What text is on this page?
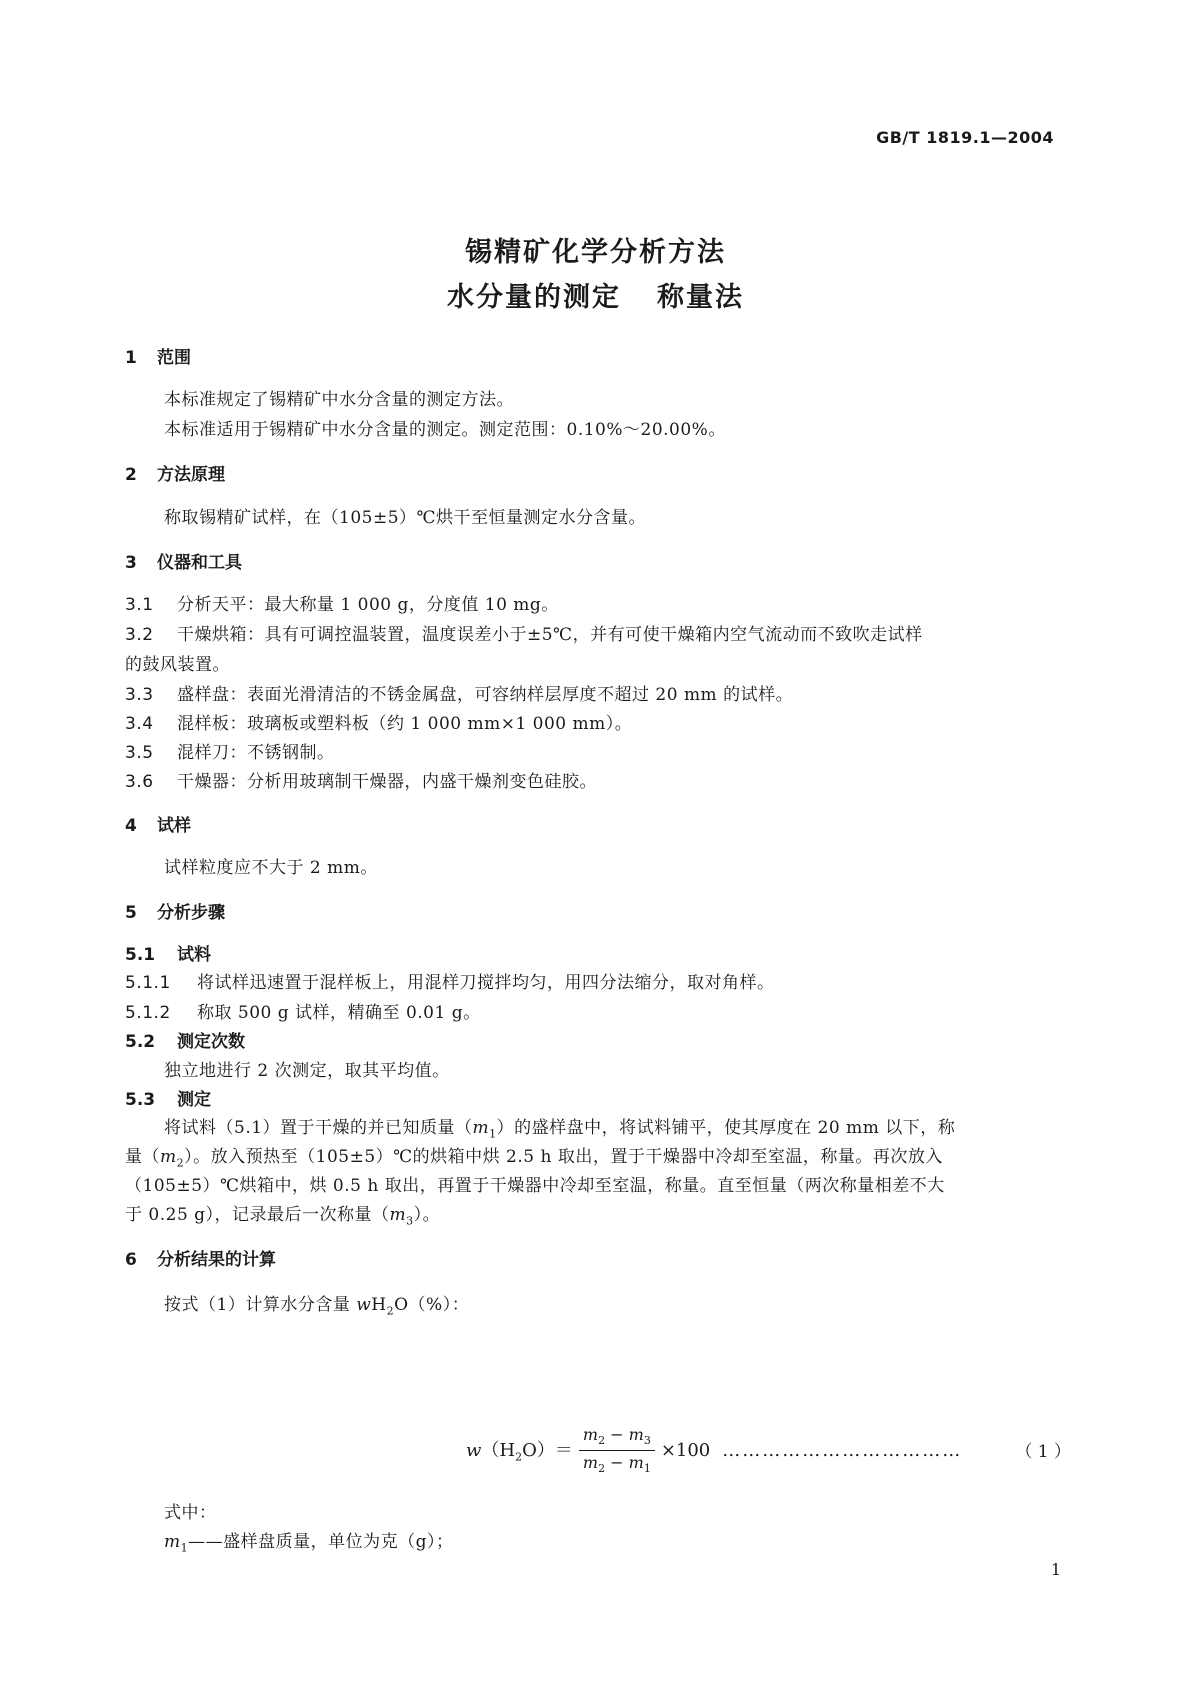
GB/T 1819.1—2004
锡精矿化学分析方法
水分量的测定 称量法
1 范围
本标准规定了锡精矿中水分含量的测定方法。
本标准适用于锡精矿中水分含量的测定。测定范围：0.10%～20.00%。
2 方法原理
称取锡精矿试样，在（105±5）℃烘干至恒量测定水分含量。
3 仪器和工具
3.1 分析天平：最大称量 1 000 g，分度值 10 mg。
3.2 干燥烘箱：具有可调控温装置，温度误差小于±5℃，并有可使干燥箱内空气流动而不致吹走试样
的鼓风装置。
3.3 盛样盘：表面光滑清洁的不锈金属盘，可容纳样层厚度不超过 20 mm 的试样。
3.4 混样板：玻璃板或塑料板（约 1 000 mm×1 000 mm）。
3.5 混样刀：不锈钢制。
3.6 干燥器：分析用玻璃制干燥器，内盛干燥剂变色硅胶。
4 试样
试样粒度应不大于 2 mm。
5 分析步骤
5.1 试料
5.1.1 将试样迅速置于混样板上，用混样刀搅拌均匀，用四分法缩分，取对角样。
5.1.2 称取 500 g 试样，精确至 0.01 g。
5.2 测定次数
独立地进行 2 次测定，取其平均值。
5.3 测定
将试料（5.1）置于干燥的并已知质量$(m_1)$的盛样盘中，将试料铺平，使其厚度在 20 mm 以下，称
量$(m_2)$。放入预热至（105±5）℃的烘箱中烘 2.5 h 取出，置于干燥器中冷却至室温，称量。再次放入
（105±5）℃烘箱中，烘 0.5 h 取出，再置于干燥器中冷却至室温，称量。直至恒量（两次称量相差不大
于 0.25 g），记录最后一次称量$(m_3)$。
6 分析结果的计算
按式（1）计算水分含量 $wH_2O(\%)$：
$w(H_2O)= \frac{m_2 - m_3}{m_2 - m_1} \times 100$ ………………………………	（ 1 ）
式中：
$m_1——$盛样盘质量，单位为克（g）；
1
